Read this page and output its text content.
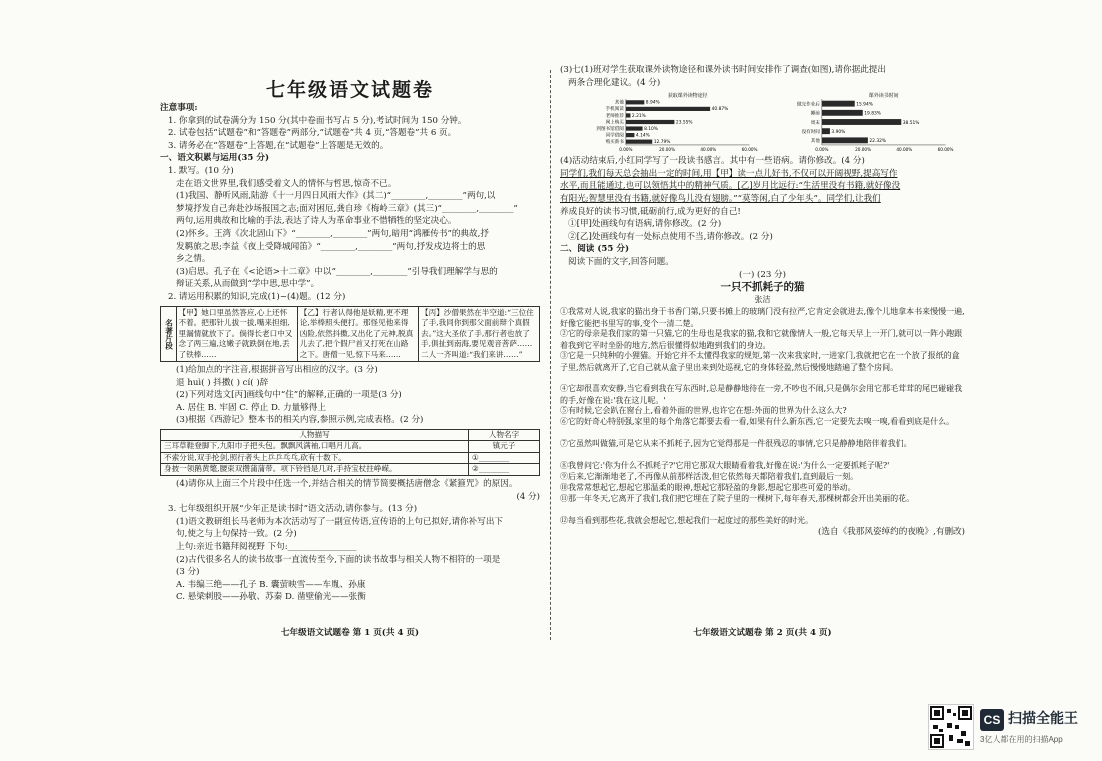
七年级语文试题卷
注意事项:
1. 你拿到的试卷满分为 150 分(其中卷面书写占 5 分),考试时间为 150 分钟。
2. 试卷包括“试题卷”和“答题卷”两部分,“试题卷”共 4 页,“答题卷”共 6 页。
3. 请务必在“答题卷”上答题,在“试题卷”上答题是无效的。
一、语文积累与运用(35 分)
1. 默写。(10 分)
走在语文世界里,我们感受着文人的情怀与哲思,惊奇不已。
(1)我国、静听风雨,陆游《十一月四日风雨大作》(其二)“________,________”两句,以
梦境抒发自己奔赴沙场报国之志;面对困厄,龚自珍《梅岭三章》(其三)“________,________”
两句,运用典故和比喻的手法,表达了诗人为革命事业不惜牺牲的坚定决心。
(2)怀乡。王湾《次北固山下》“________,________”两句,暗用“鸿雁传书”的典故,抒
发羁旅之思;李益《夜上受降城闻笛》“________,________”两句,抒发戍边将士的思
乡之情。
(3)启思。孔子在《<论语>十二章》中以“________,________”引导我们理解学与思的
辩证关系,从而做到“学中思,思中学”。
2. 请运用积累的知识,完成(1)~(4)题。(12 分)
名著片段	【甲】她口里虽然答应,心上还怀不着。把那针儿拔一拔,嘴来担细,里漏情就放下了。倘得长老口中又念了两三遍,这嫩子就跌倒在地,丢了铁棒……	【乙】行者认得他是妖精,更不理论,举棒照头便打。那怪见他来得凶险,依然抖擞,又出化了元神,脱真儿去了,把个假尸首又打死在山路之下。唐僧一见,惊下马来……	【丙】沙僧果然在半空道:“三位住了手,我同你到那父面前辩个真假去。”这大圣依了手,那行者也放了手,俱扯到南海,要见观音菩萨……二人一齐叫道:“我们来讲……”
(1)给加点的字注音,根据拼音写出相应的汉字。(3 分)
退 huì( ) 抖擞( ) cí( )辞
(2)下列对选文[丙]画线句中“住”的解释,正确的一项是(3 分)
A. 居住 B. 牢固 C. 停止 D. 力量够得上
(3)根据《西游记》整本书的相关内容,参照示例,完成表格。(2 分)
人物描写	人物名字
三耳草鞋登脚下,九阳巾子把头包。飘飘风满袖,口唱月儿高。	镇元子
不索分说,双手抡剑,照行者头上乒乒乓乓,砍有十数下。	①________
身披一领鹅黄氅,腰束双攒蒲蒲带。项下铃铛是几对,手持宝杖拄峥嵘。	②________
(4)请你从上面三个片段中任选一个,并结合相关的情节简要概括唐僧念《紧箍咒》的原因。
(4 分)
3. 七年级组织开展“少年正是读书时”语文活动,请你参与。(13 分)
(1)语文教研组长马老师为本次活动写了一副宣传语,宣传语的上句已拟好,请你补写出下
句,使之与上句保持一致。(2 分)
上句:亲近书籍拜阅视野 下句:________________
(2)古代很多名人的读书故事一直流传至今,下面的读书故事与相关人物不相符的一项是
(3 分)
A. 韦编三绝——孔子 B. 囊萤映雪——车胤、孙康
C. 悬梁刺股——孙敬、苏秦 D. 凿壁偷光——张衡
七年级语文试题卷 第 1 页(共 4 页)
(3)七(1)班对学生获取课外读物途径和课外读书时间安排作了调查(如图),请你据此提出
两条合理化建议。(4 分)
获取课外读物途径
其他	8.94%
手机阅读	40.87%
老师推荐 2.21%
网上购买	23.55%
到图书馆借阅	8.10%
同学借阅	4.14%
购买新书	12.79%
0.00%	20.00%	40.00%	60.00%
课外读书时间
做完作业后	15.94%
睡前	19.83%
周末	38.51%
没有时间	3.90%
其他	22.32%
0.00%	20.00%	40.00%	60.00%
(4)活动结束后,小红同学写了一段读书感言。其中有一些语病。请你修改。(4 分)
同学们,我们每天总会抽出一定的时间,用【甲】读一点儿好书,不仅可以开阔视野,提高写作
水平,而且能通过,也可以领悟其中的精神气质。[乙]岁月比远行:“生活里没有书籍,就好像没
有阳光;智慧里没有书籍,就好像鸟儿没有翅膀。”“莫等闲,白了少年头”。同学们,让我们
养成良好的读书习惯,砥砺前行,成为更好的自己!
①[甲]处画线句有语病,请你修改。(2 分)
②[乙]处画线句有一处标点使用不当,请你修改。(2 分)
二、阅读 (55 分)
阅读下面的文字,回答问题。
(一) (23 分)
一只不抓耗子的猫
张洁
①我常对人说,我家的猫出身于书香门第,只要书摊上的玻璃门没有拉严,它肯定会就进去,像个儿地拿本书来慢慢一遍,好像它能把书里写的事,变个一清二楚。
②它的母亲是我们家的第一只猫,它的生母也是我家的猫,我和它就像情人一般,它每天早上一开门,就可以一阵小跑跟着我到它平时坐卧的地方,然后很懂得似地跑到我们的身边。
③它是一只纯种的小狸猫。开始它并不太懂得我家的规矩,第一次来我家时,一进家门,我就把它在一个放了报纸的盒子里,然后就离开了,它自己就从盒子里出来到处巡视,它的身体轻盈,然后慢慢地踏遍了整个房间。
④它却很喜欢安静,当它看到我在写东西时,总是静静地待在一旁,不吵也不闹,只是偶尔会用它那毛茸茸的尾巴碰碰我的手,好像在说:'我在这儿呢。'
⑤有时候,它会趴在窗台上,看着外面的世界,也许它在想:外面的世界为什么这么大?
⑥它的好奇心特别强,家里的每个角落它都要去看一看,如果有什么新东西,它一定要先去嗅一嗅,看看到底是什么。
⑦它虽然叫做猫,可是它从来不抓耗子,因为它觉得那是一件很残忍的事情,它只是静静地陪伴着我们。
⑧我曾问它:'你为什么不抓耗子?'它用它那双大眼睛看着我,好像在说:'为什么一定要抓耗子呢?'
⑨后来,它渐渐地老了,不再像从前那样活泼,但它依然每天都陪着我们,直到最后一刻。
⑩我常常想起它,想起它那温柔的眼神,想起它那轻盈的身影,想起它那些可爱的举动。
⑪那一年冬天,它离开了我们,我们把它埋在了院子里的一棵树下,每年春天,那棵树都会开出美丽的花。
⑫每当看到那些花,我就会想起它,想起我们一起度过的那些美好的时光。
(选自《我那风姿绰约的夜晚》,有删改)
七年级语文试题卷 第 2 页(共 4 页)
CS 扫描全能王
3亿人都在用的扫描App
